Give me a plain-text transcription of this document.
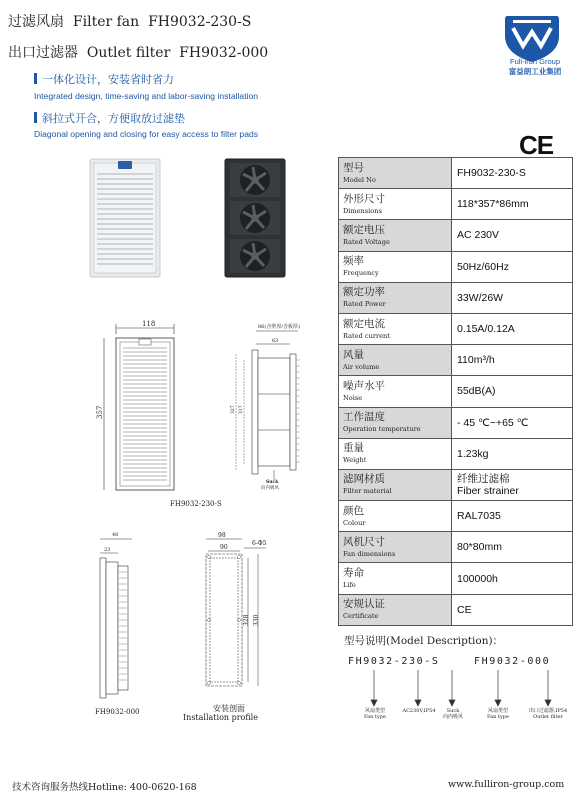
过滤风扇  Filter fan  FH9032-230-S
出口过滤器  Outlet filter  FH9032-000
Full-iron Group
富益朗工业集团
一体化设计，安装省时省力
Integrated design, time-saving and labor-saving installation
斜拉式开合，方便取放过滤垫
Diagonal opening and closing for easy access to filter pads	CE
118
357
86(含壁厚/含板厚)
63
327 317
Suck
向内吸风
FH9032-230-S
48
23
FH9032-000
98
90
6-Φ5
328 330
安装剖面
Installation profile
型号
Model No	FH9032-230-S

外形尺寸
Dimensions	118*357*86mm

额定电压
Rated Voltage	AC 230V

频率
Frequency	50Hz/60Hz

额定功率
Rated Power	33W/26W

额定电流
Rated current	0.15A/0.12A

风量
Air volume	110m³/h

噪声水平
Noise	55dB(A)

工作温度
Operation temperature	- 45 ℃~+65 ℃

重量
Weight	1.23kg

滤网材质
Filter material	纤维过滤棉
Fiber strainer

颜色
Colour	RAL7035

风机尺寸
Fan dimensions	80*80mm

寿命
Life	100000h

安规认证
Certificate	CE
型号说明(Model Description)：
FH9032-230-S	FH9032-000
风扇类型
Fan type
AC230V,IP54	Suck
向内吸风
风扇类型
Fan type
出口过滤器,IP54
Outlet filter
技术咨询服务热线Hotline: 400-0620-168	www.fulliron-group.com
